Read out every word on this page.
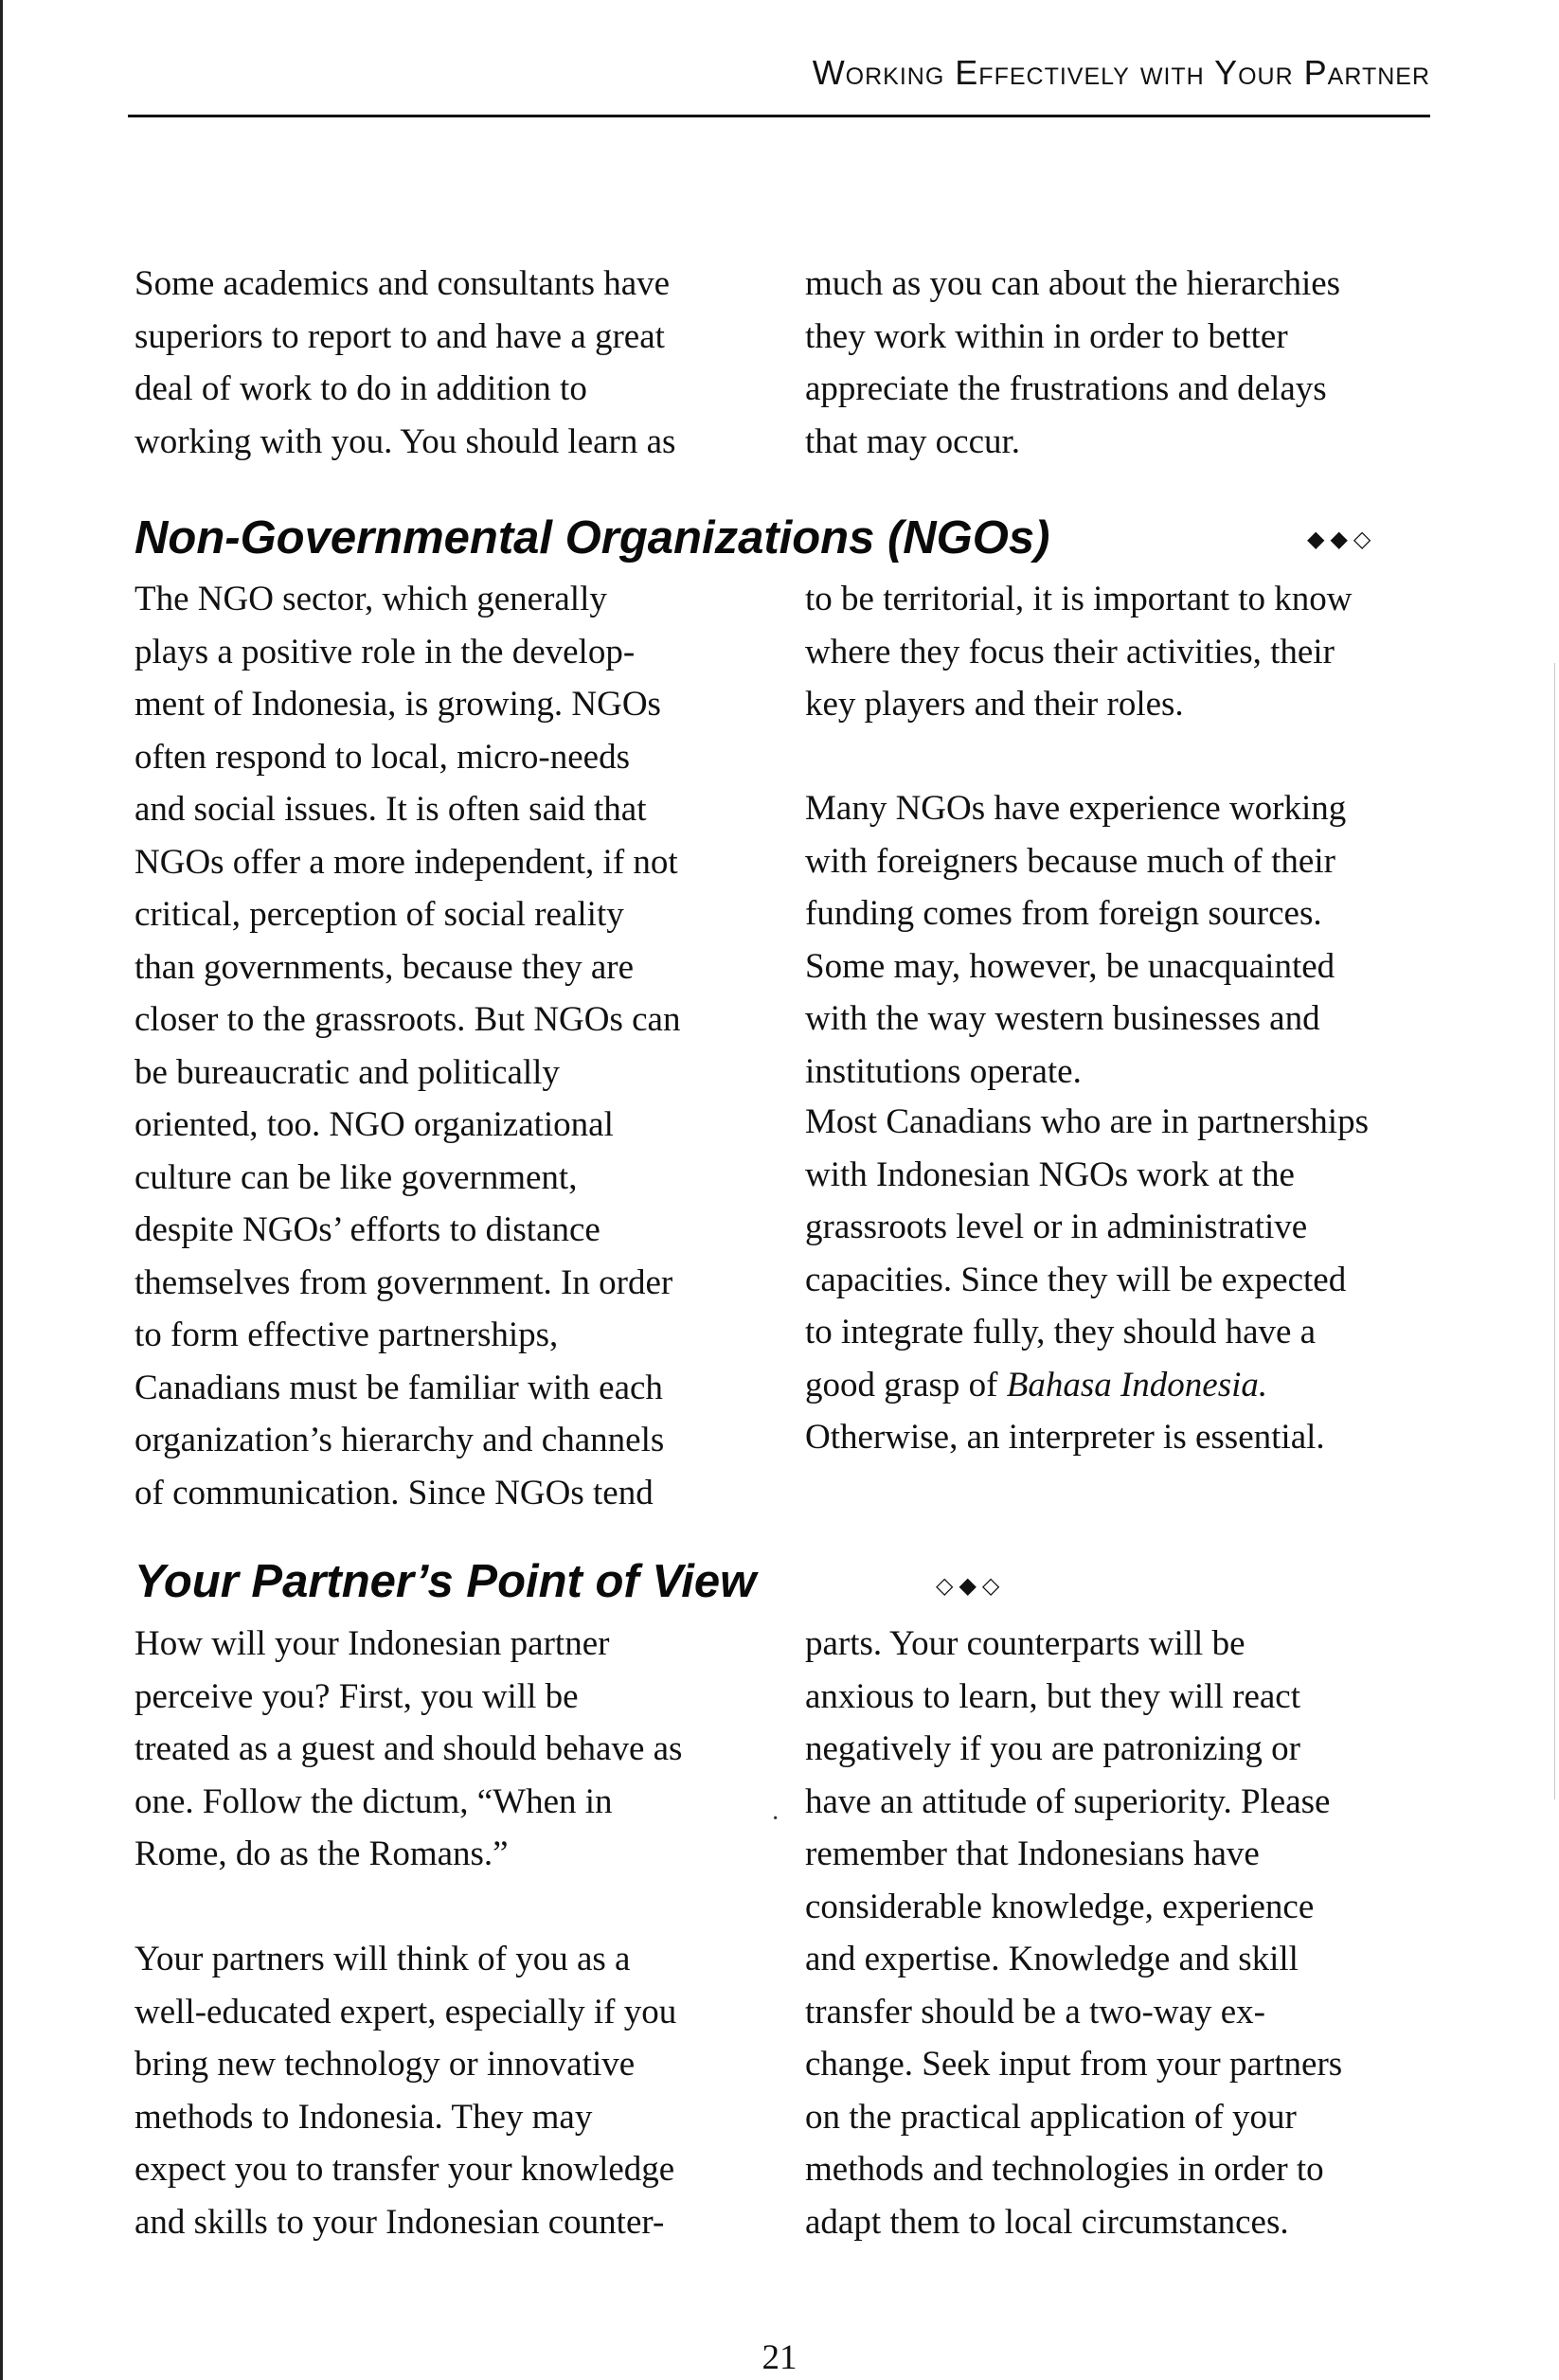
Working Effectively with Your Partner

Some academics and consultants have
superiors to report to and have a great
deal of work to do in addition to
working with you. You should learn as

much as you can about the hierarchies
they work within in order to better
appreciate the frustrations and delays
that may occur.

Non-Governmental Organizations (NGOs)	◆ ◆ ◇

The NGO sector, which generally
plays a positive role in the develop-
ment of Indonesia, is growing. NGOs
often respond to local, micro-needs
and social issues. It is often said that
NGOs offer a more independent, if not
critical, perception of social reality
than governments, because they are
closer to the grassroots. But NGOs can
be bureaucratic and politically
oriented, too. NGO organizational
culture can be like government,
despite NGOs’ efforts to distance
themselves from government. In order
to form effective partnerships,
Canadians must be familiar with each
organization’s hierarchy and channels
of communication. Since NGOs tend

to be territorial, it is important to know
where they focus their activities, their
key players and their roles.

Many NGOs have experience working
with foreigners because much of their
funding comes from foreign sources.
Some may, however, be unacquainted
with the way western businesses and
institutions operate.

Most Canadians who are in partnerships
with Indonesian NGOs work at the
grassroots level or in administrative
capacities. Since they will be expected
to integrate fully, they should have a
good grasp of Bahasa Indonesia.
Otherwise, an interpreter is essential.

Your Partner’s Point of View	◇ ◆ ◇

How will your Indonesian partner
perceive you? First, you will be
treated as a guest and should behave as
one. Follow the dictum, “When in
Rome, do as the Romans.”

Your partners will think of you as a
well-educated expert, especially if you
bring new technology or innovative
methods to Indonesia. They may
expect you to transfer your knowledge
and skills to your Indonesian counter-

·

parts. Your counterparts will be
anxious to learn, but they will react
negatively if you are patronizing or
have an attitude of superiority. Please
remember that Indonesians have
considerable knowledge, experience
and expertise. Knowledge and skill
transfer should be a two-way ex-
change. Seek input from your partners
on the practical application of your
methods and technologies in order to
adapt them to local circumstances.

21
